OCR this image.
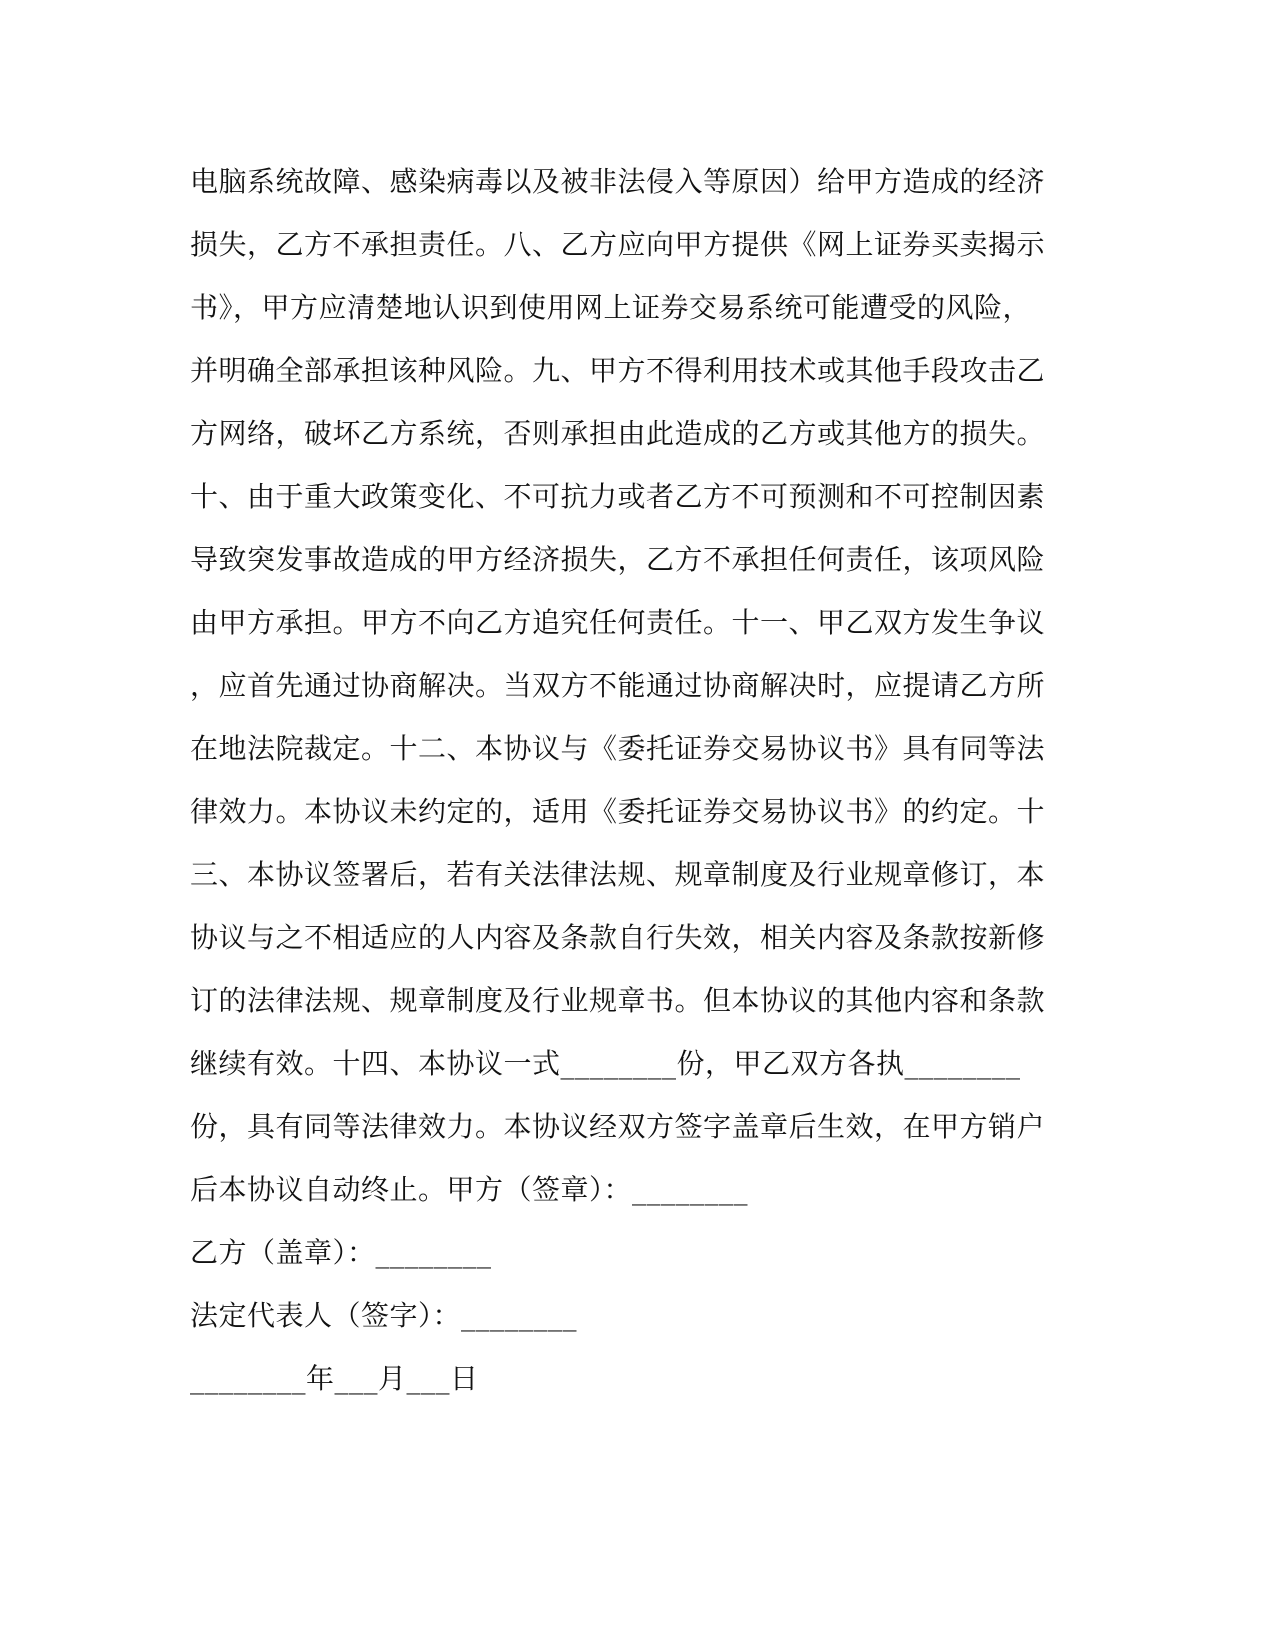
电脑系统故障、感染病毒以及被非法侵入等原因）给甲方造成的经济
损失，乙方不承担责任。八、乙方应向甲方提供《网上证券买卖揭示
书》，甲方应清楚地认识到使用网上证券交易系统可能遭受的风险，
并明确全部承担该种风险。九、甲方不得利用技术或其他手段攻击乙
方网络，破坏乙方系统，否则承担由此造成的乙方或其他方的损失。
十、由于重大政策变化、不可抗力或者乙方不可预测和不可控制因素
导致突发事故造成的甲方经济损失，乙方不承担任何责任，该项风险
由甲方承担。甲方不向乙方追究任何责任。十一、甲乙双方发生争议
，应首先通过协商解决。当双方不能通过协商解决时，应提请乙方所
在地法院裁定。十二、本协议与《委托证券交易协议书》具有同等法
律效力。本协议未约定的，适用《委托证券交易协议书》的约定。十
三、本协议签署后，若有关法律法规、规章制度及行业规章修订，本
协议与之不相适应的人内容及条款自行失效，相关内容及条款按新修
订的法律法规、规章制度及行业规章书。但本协议的其他内容和条款
继续有效。十四、本协议一式________份，甲乙双方各执________
份，具有同等法律效力。本协议经双方签字盖章后生效，在甲方销户
后本协议自动终止。甲方（签章）：________
乙方（盖章）：________
法定代表人（签字）：________
________年___月___日
